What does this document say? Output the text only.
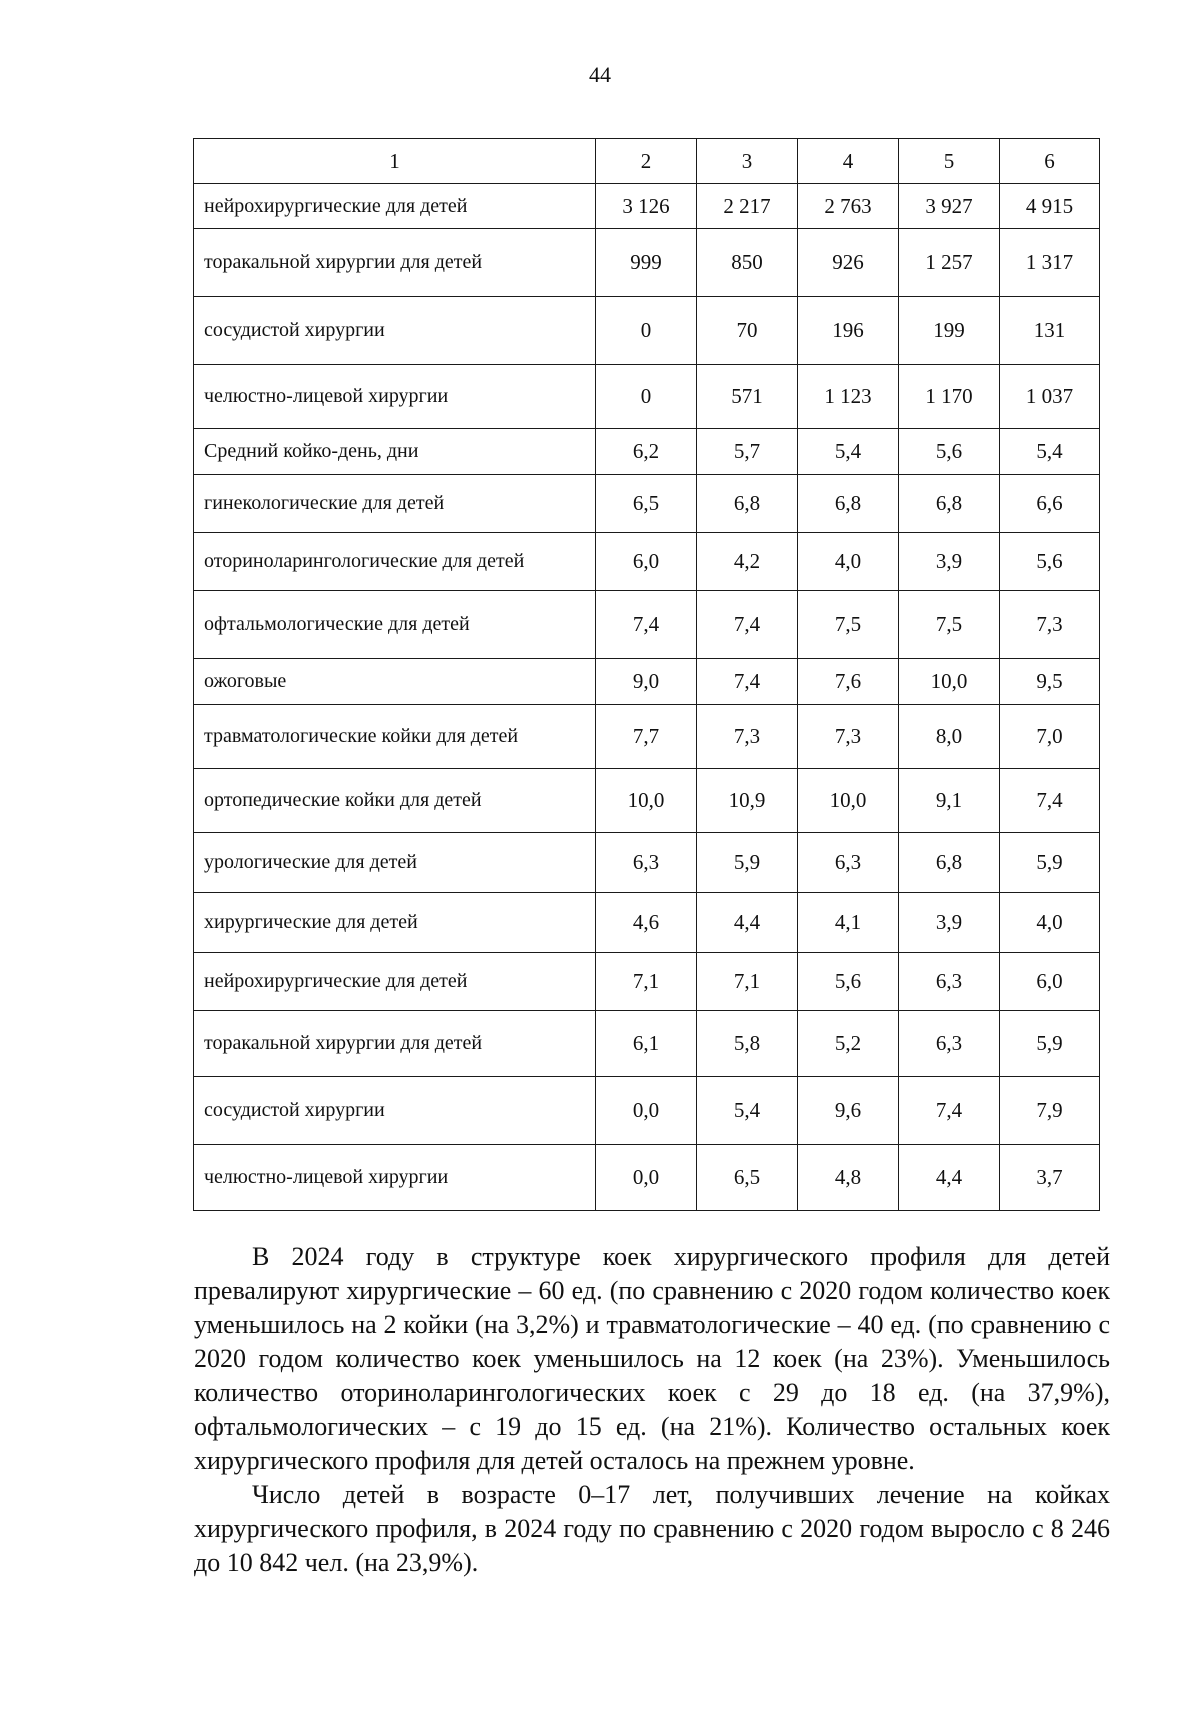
44
1	2	3	4	5	6
нейрохирургические для детей	3 126	2 217	2 763	3 927	4 915
торакальной хирургии для детей	999	850	926	1 257	1 317
сосудистой хирургии	0	70	196	199	131
челюстно-лицевой хирургии	0	571	1 123	1 170	1 037
Средний койко-день, дни	6,2	5,7	5,4	5,6	5,4
гинекологические для детей	6,5	6,8	6,8	6,8	6,6
оториноларингологические для детей	6,0	4,2	4,0	3,9	5,6
офтальмологические для детей	7,4	7,4	7,5	7,5	7,3
ожоговые	9,0	7,4	7,6	10,0	9,5
травматологические койки для детей	7,7	7,3	7,3	8,0	7,0
ортопедические койки для детей	10,0	10,9	10,0	9,1	7,4
урологические для детей	6,3	5,9	6,3	6,8	5,9
хирургические для детей	4,6	4,4	4,1	3,9	4,0
нейрохирургические для детей	7,1	7,1	5,6	6,3	6,0
торакальной хирургии для детей	6,1	5,8	5,2	6,3	5,9
сосудистой хирургии	0,0	5,4	9,6	7,4	7,9
челюстно-лицевой хирургии	0,0	6,5	4,8	4,4	3,7

В 2024 году в структуре коек хирургического профиля для детей превалируют хирургические – 60 ед. (по сравнению с 2020 годом количество коек уменьшилось на 2 койки (на 3,2%) и травматологические – 40 ед. (по сравнению с 2020 годом количество коек уменьшилось на 12 коек (на 23%). Уменьшилось количество оториноларингологических коек с 29 до 18 ед. (на 37,9%), офтальмологических – с 19 до 15 ед. (на 21%). Количество остальных коек хирургического профиля для детей осталось на прежнем уровне.

Число детей в возрасте 0–17 лет, получивших лечение на койках хирургического профиля, в 2024 году по сравнению с 2020 годом выросло с 8 246 до 10 842 чел. (на 23,9%).
